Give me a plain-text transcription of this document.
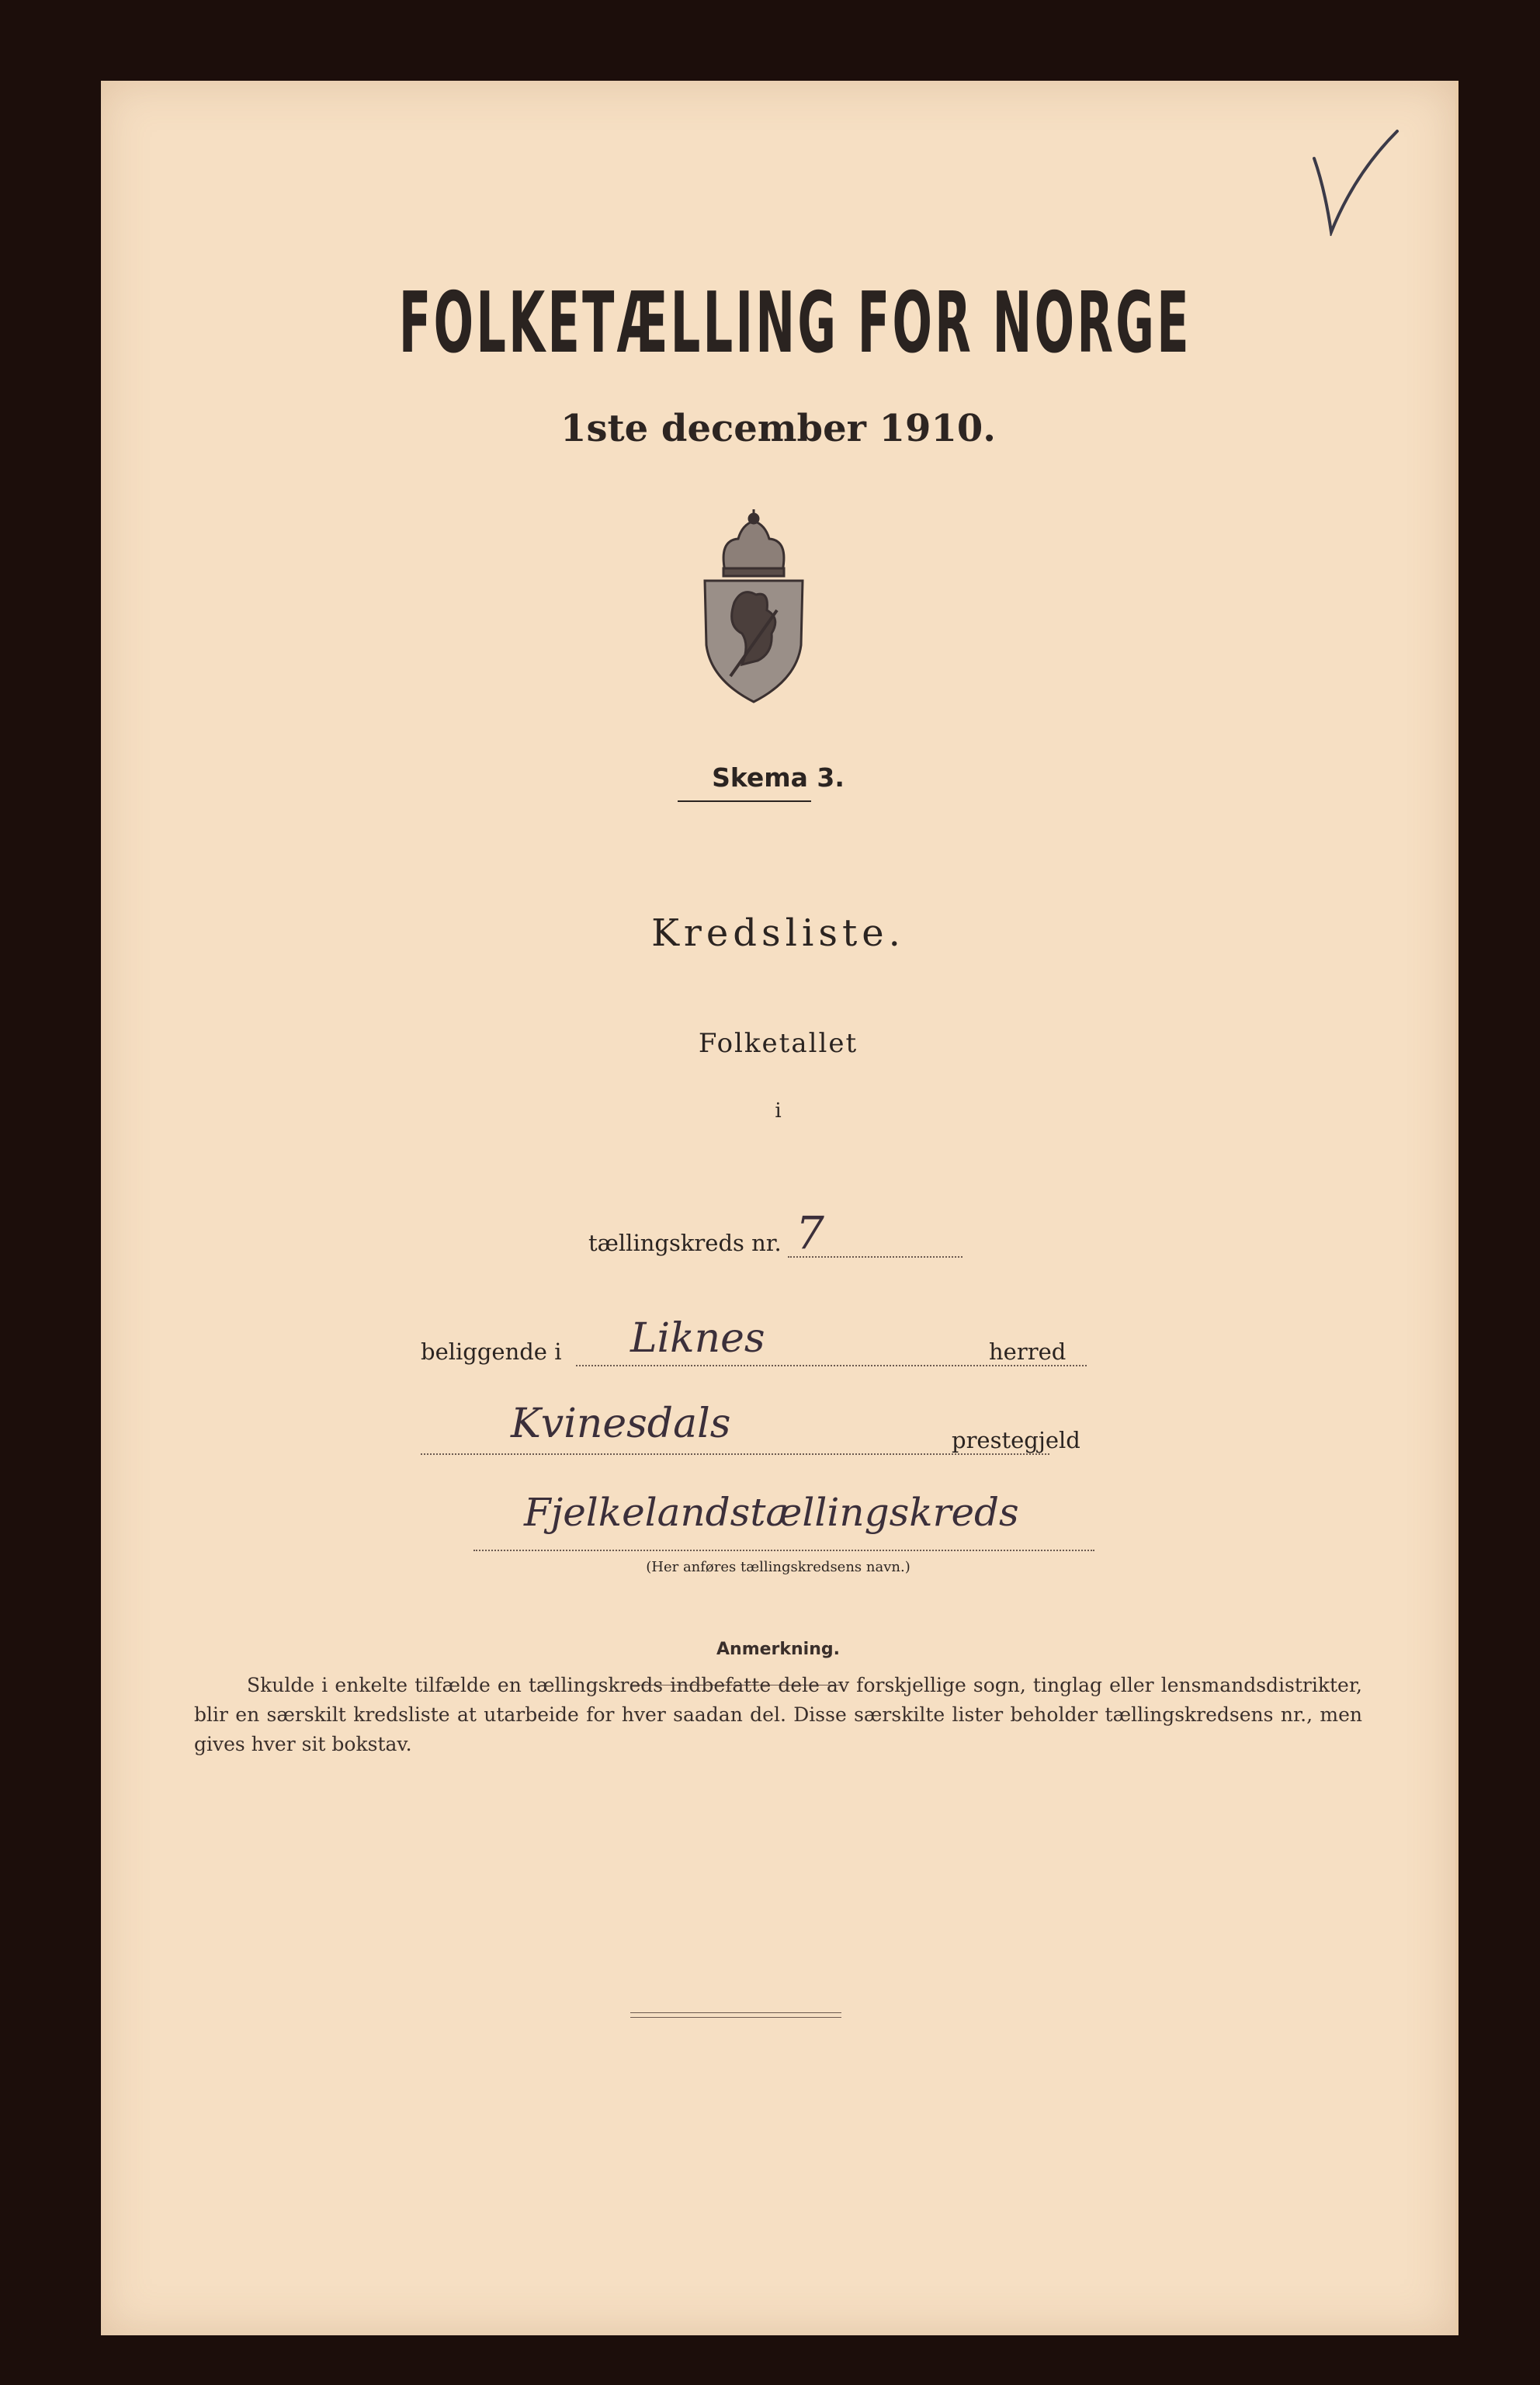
FOLKETÆLLING FOR NORGE
1ste december 1910.
Skema 3.
Kredsliste.
Folketallet
i
tællingskreds nr. 7
beliggende i Liknes	herred
Kvinesdals	prestegjeld
Fjelkelandstællingskreds
(Her anføres tællingskredsens navn.)
Anmerkning.

Skulde i enkelte tilfælde en tællingskreds indbefatte dele av forskjellige sogn, tinglag eller lensmandsdistrikter, blir en særskilt kredsliste at utarbeide for hver saadan del. Disse særskilte lister beholder tællingskredsens nr., men gives hver sit bokstav.
